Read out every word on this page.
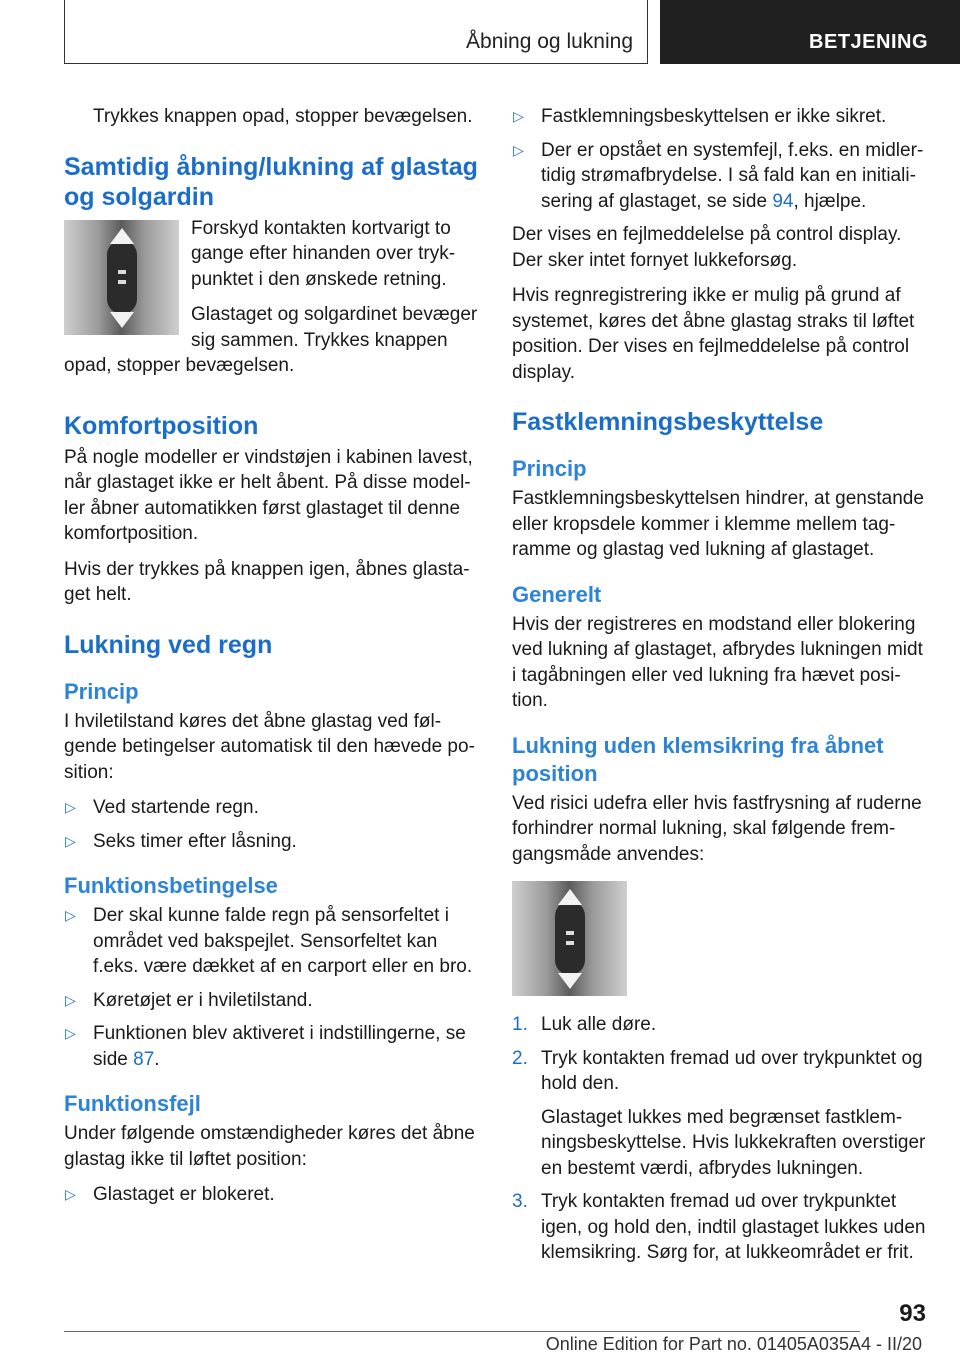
Åbning og lukning	BETJENING

Trykkes knappen opad, stopper bevægelsen.

Samtidig åbning/lukning af glastag og solgardin

Forskyd kontakten kortvarigt to gange efter hinanden over trykpunktet i den ønskede retning.

Glastaget og solgardinet bevæger sig sammen. Trykkes knappen opad, stopper bevægelsen.

Komfortposition

På nogle modeller er vindstøjen i kabinen lavest, når glastaget ikke er helt åbent. På disse modeller åbner automatikken først glastaget til denne komfortposition.

Hvis der trykkes på knappen igen, åbnes glastaget helt.

Lukning ved regn
Princip

I hviletilstand køres det åbne glastag ved følgende betingelser automatisk til den hævede position:

▷ Ved startende regn.
▷ Seks timer efter låsning.
Funktionsbetingelse
▷ Der skal kunne falde regn på sensorfeltet i området ved bakspejlet. Sensorfeltet kan f.eks. være dækket af en carport eller en bro.
▷ Køretøjet er i hviletilstand.
▷ Funktionen blev aktiveret i indstillingerne, se side 87.
Funktionsfejl

Under følgende omstændigheder køres det åbne glastag ikke til løftet position:

▷ Glastaget er blokeret.
▷ Fastklemningsbeskyttelsen er ikke sikret.
▷ Der er opstået en systemfejl, f.eks. en midlertidig strømafbrydelse. I så fald kan en initialisering af glastaget, se side 94, hjælpe.

Der vises en fejlmeddelelse på control display. Der sker intet fornyet lukkeforsøg.

Hvis regnregistrering ikke er mulig på grund af systemet, køres det åbne glastag straks til løftet position. Der vises en fejlmeddelelse på control display.

Fastklemningsbeskyttelse
Princip

Fastklemningsbeskyttelsen hindrer, at genstande eller kropsdele kommer i klemme mellem tagramme og glastag ved lukning af glastaget.

Generelt

Hvis der registreres en modstand eller blokering ved lukning af glastaget, afbrydes lukningen midt i tagåbningen eller ved lukning fra hævet position.

Lukning uden klemsikring fra åbnet position

Ved risici udefra eller hvis fastfrysning af ruderne forhindrer normal lukning, skal følgende fremgangsmåde anvendes:

1. Luk alle døre.
2. Tryk kontakten fremad ud over trykpunktet og hold den.
Glastaget lukkes med begrænset fastklemningsbeskyttelse. Hvis lukkekraften overstiger en bestemt værdi, afbrydes lukningen.
3. Tryk kontakten fremad ud over trykpunktet igen, og hold den, indtil glastaget lukkes uden klemsikring. Sørg for, at lukkeområdet er frit.
93
Online Edition for Part no. 01405A035A4 - II/20
